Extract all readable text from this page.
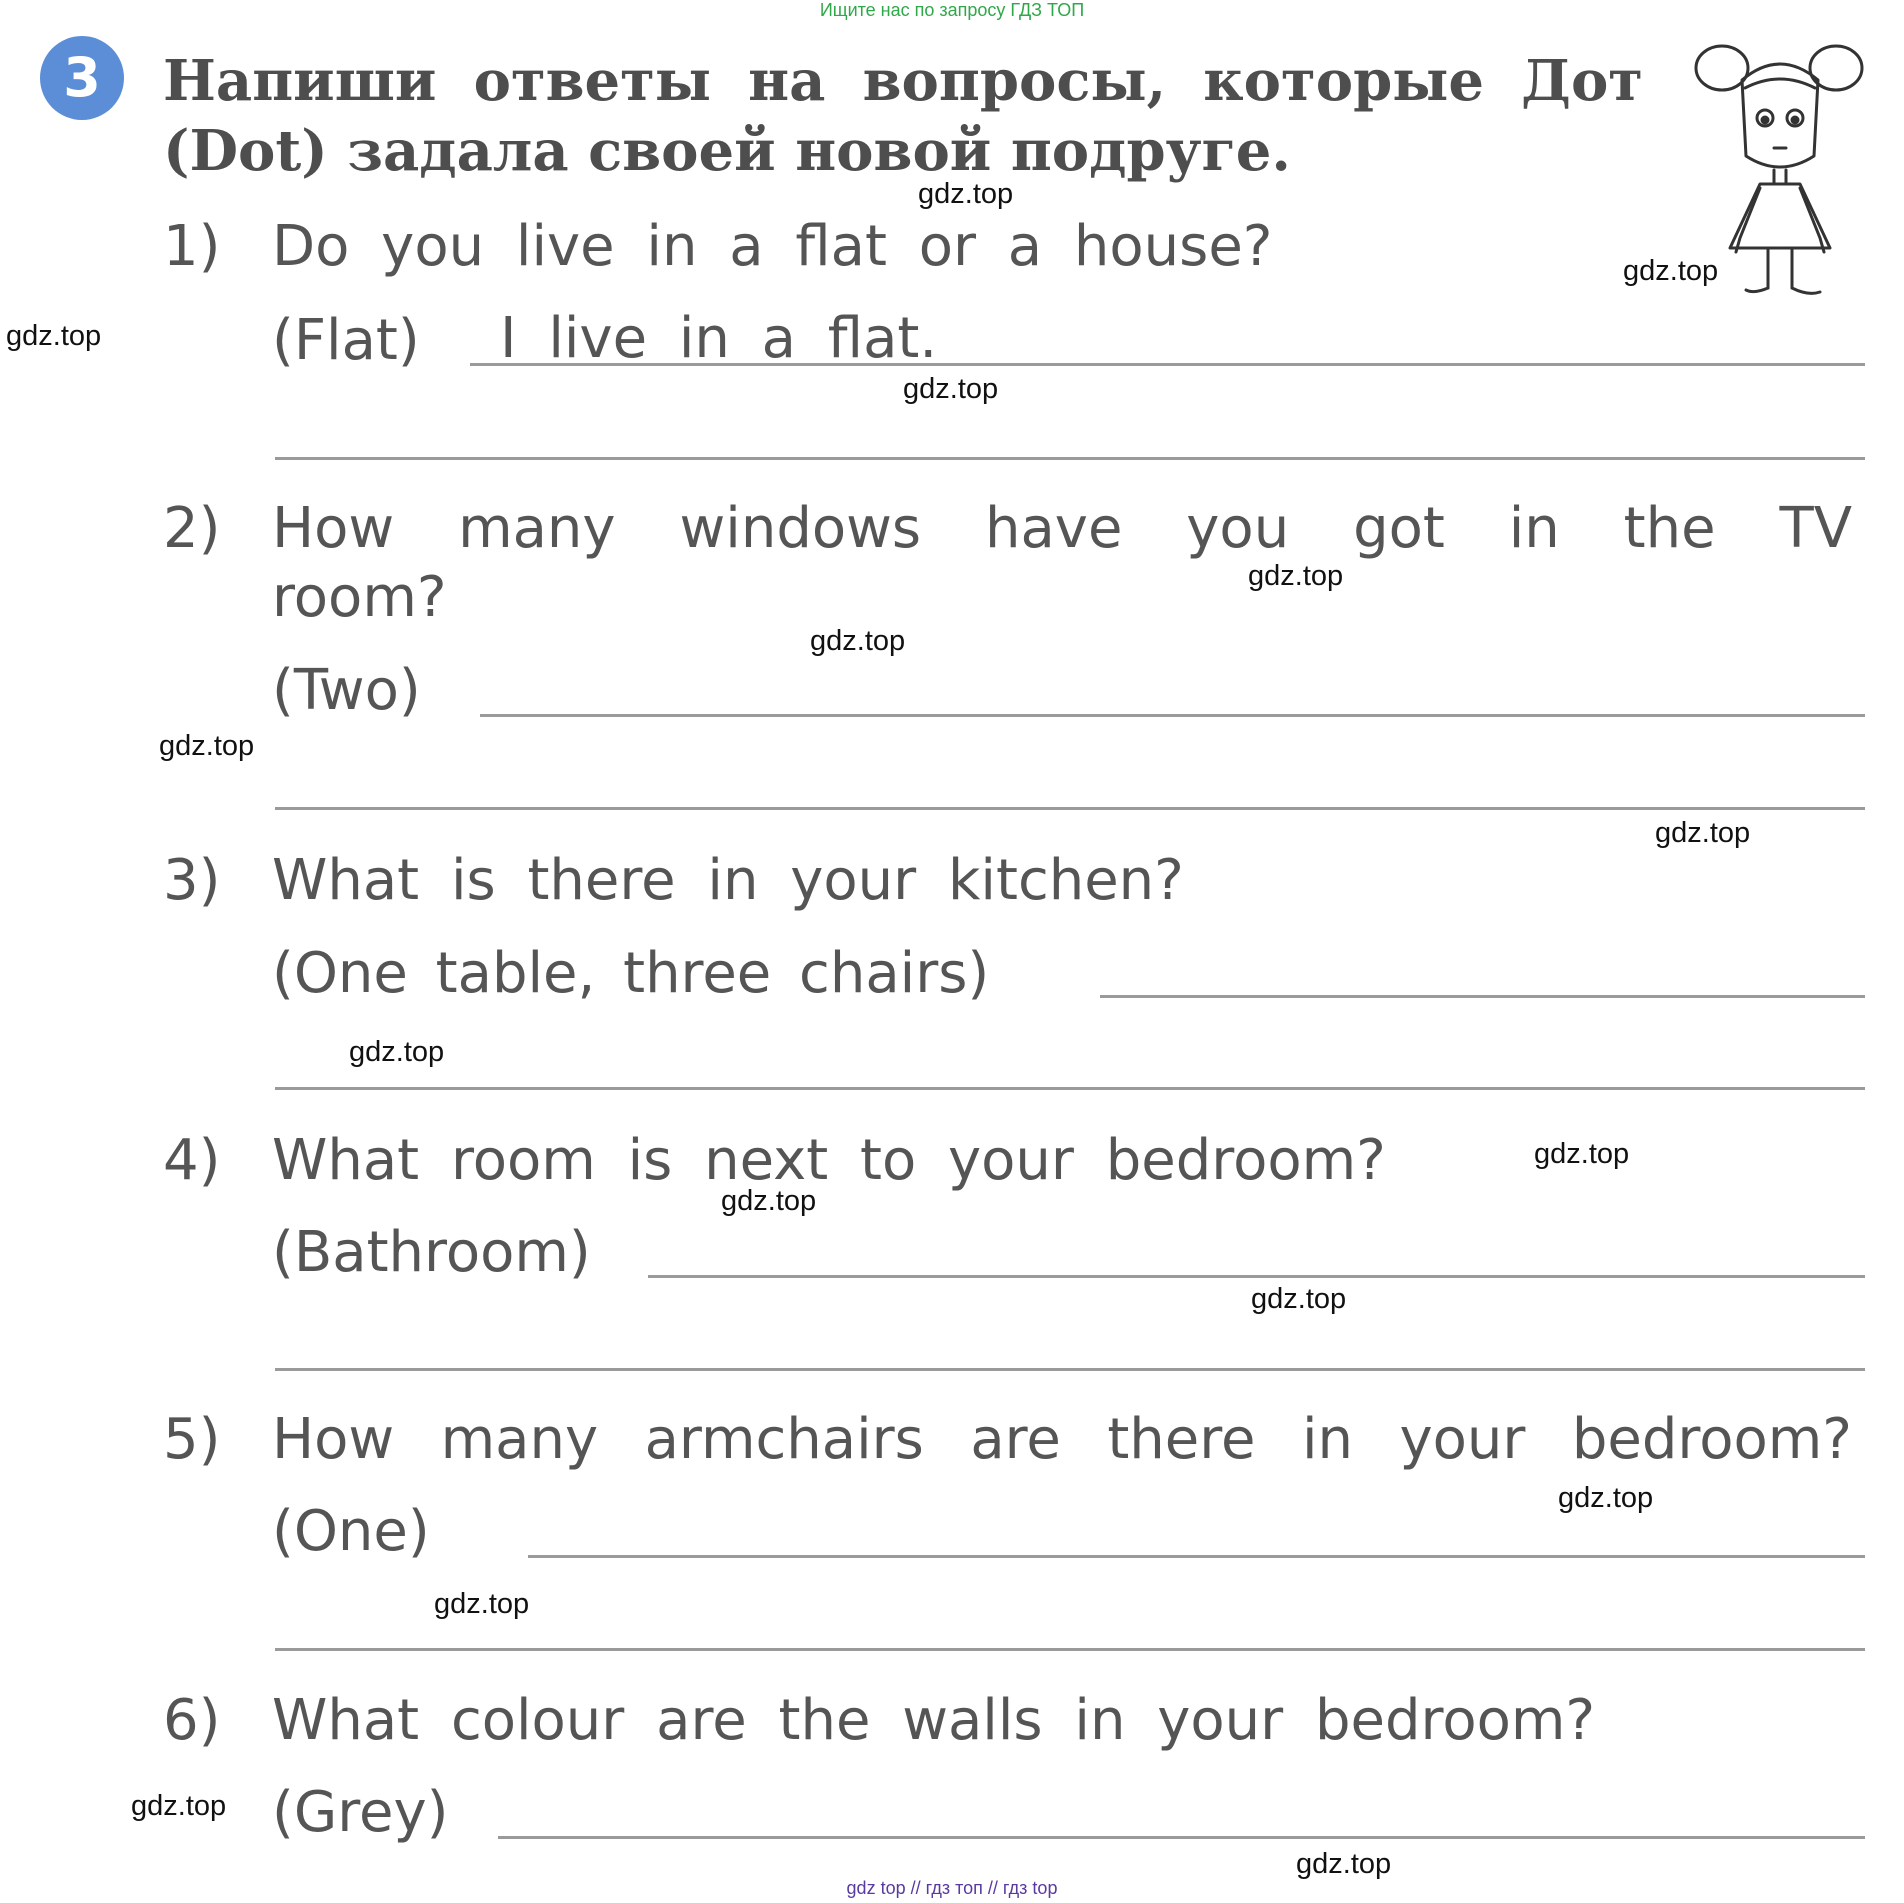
Ищите нас по запросу ГДЗ ТОП
3	Напиши ответы на вопросы, которые Дот
(Dot) задала своей новой подруге.
1) Do you live in a flat or a house?
(Flat) I live in a flat.
2) How many windows have you got in the TV
room?
(Two)
3) What is there in your kitchen?
(One table, three chairs)
4) What room is next to your bedroom?
(Bathroom)
5) How many armchairs are there in your bedroom?
(One)
6) What colour are the walls in your bedroom?
(Grey)
gdz.top
gdz.top
gdz.top
gdz.top
gdz.top
gdz.top
gdz.top
gdz.top
gdz.top
gdz.top
gdz.top
gdz.top
gdz.top
gdz.top
gdz.top
gdz.top
gdz top // гдз топ // гдз top
